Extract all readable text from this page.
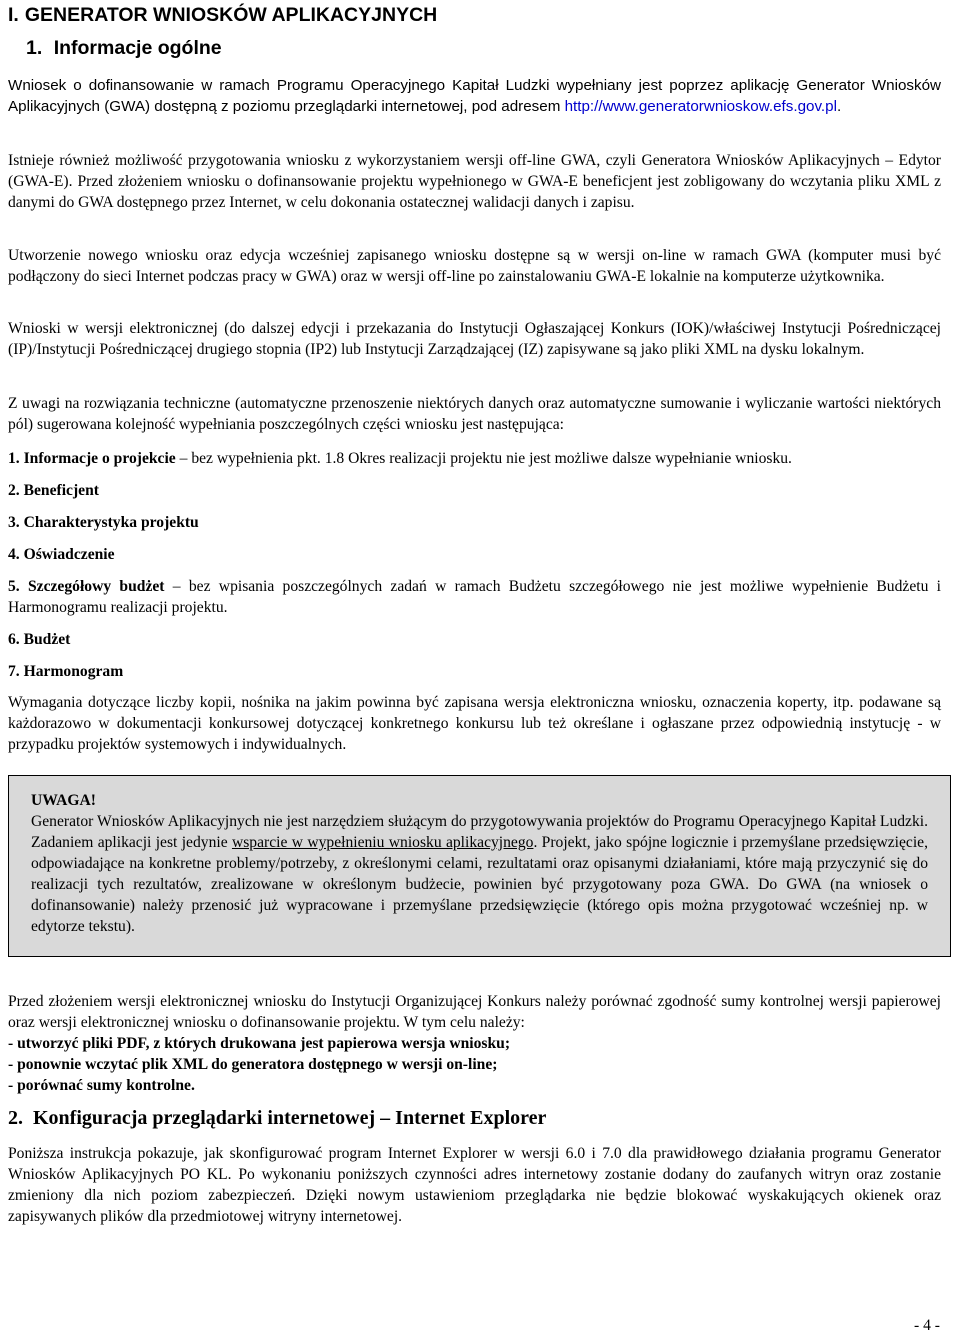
I. GENERATOR WNIOSKÓW APLIKACYJNYCH
1. Informacje ogólne

Wniosek o dofinansowanie w ramach Programu Operacyjnego Kapitał Ludzki wypełniany jest poprzez aplikację Generator Wniosków Aplikacyjnych (GWA) dostępną z poziomu przeglądarki internetowej, pod adresem http://www.generatorwnioskow.efs.gov.pl.

Istnieje również możliwość przygotowania wniosku z wykorzystaniem wersji off-line GWA, czyli Generatora Wniosków Aplikacyjnych – Edytor (GWA-E). Przed złożeniem wniosku o dofinansowanie projektu wypełnionego w GWA-E beneficjent jest zobligowany do wczytania pliku XML z danymi do GWA dostępnego przez Internet, w celu dokonania ostatecznej walidacji danych i zapisu.

Utworzenie nowego wniosku oraz edycja wcześniej zapisanego wniosku dostępne są w wersji on-line w ramach GWA (komputer musi być podłączony do sieci Internet podczas pracy w GWA) oraz w wersji off-line po zainstalowaniu GWA-E lokalnie na komputerze użytkownika.

Wnioski w wersji elektronicznej (do dalszej edycji i przekazania do Instytucji Ogłaszającej Konkurs (IOK)/właściwej Instytucji Pośredniczącej (IP)/Instytucji Pośredniczącej drugiego stopnia (IP2) lub Instytucji Zarządzającej (IZ) zapisywane są jako pliki XML na dysku lokalnym.

Z uwagi na rozwiązania techniczne (automatyczne przenoszenie niektórych danych oraz automatyczne sumowanie i wyliczanie wartości niektórych pól) sugerowana kolejność wypełniania poszczególnych części wniosku jest następująca:

1. Informacje o projekcie – bez wypełnienia pkt. 1.8 Okres realizacji projektu nie jest możliwe dalsze wypełnianie wniosku.

2. Beneficjent

3. Charakterystyka projektu

4. Oświadczenie

5. Szczegółowy budżet – bez wpisania poszczególnych zadań w ramach Budżetu szczegółowego nie jest możliwe wypełnienie Budżetu i Harmonogramu realizacji projektu.

6. Budżet

7. Harmonogram

Wymagania dotyczące liczby kopii, nośnika na jakim powinna być zapisana wersja elektroniczna wniosku, oznaczenia koperty, itp. podawane są każdorazowo w dokumentacji konkursowej dotyczącej konkretnego konkursu lub też określane i ogłaszane przez odpowiednią instytucję - w przypadku projektów systemowych i indywidualnych.

Przed złożeniem wersji elektronicznej wniosku do Instytucji Organizującej Konkurs należy porównać zgodność sumy kontrolnej wersji papierowej oraz wersji elektronicznej wniosku o dofinansowanie projektu. W tym celu należy:
- utworzyć pliki PDF, z których drukowana jest papierowa wersja wniosku;
- ponownie wczytać plik XML do generatora dostępnego w wersji on-line;
- porównać sumy kontrolne.

2. Konfiguracja przeglądarki internetowej – Internet Explorer

Poniższa instrukcja pokazuje, jak skonfigurować program Internet Explorer w wersji 6.0 i 7.0 dla prawidłowego działania programu Generator Wniosków Aplikacyjnych PO KL. Po wykonaniu poniższych czynności adres internetowy zostanie dodany do zaufanych witryn oraz zostanie zmieniony dla nich poziom zabezpieczeń. Dzięki nowym ustawieniom przeglądarka nie będzie blokować wyskakujących okienek oraz zapisywanych plików dla przedmiotowej witryny internetowej.

UWAGA!
Generator Wniosków Aplikacyjnych nie jest narzędziem służącym do przygotowywania projektów do Programu Operacyjnego Kapitał Ludzki. Zadaniem aplikacji jest jedynie wsparcie w wypełnieniu wniosku aplikacyjnego. Projekt, jako spójne logicznie i przemyślane przedsięwzięcie, odpowiadające na konkretne problemy/potrzeby, z określonymi celami, rezultatami oraz opisanymi działaniami, które mają przyczynić się do realizacji tych rezultatów, zrealizowane w określonym budżecie, powinien być przygotowany poza GWA. Do GWA (na wniosek o dofinansowanie) należy przenosić już wypracowane i przemyślane przedsięwzięcie (którego opis można przygotować wcześniej np. w edytorze tekstu).
- 4 -
